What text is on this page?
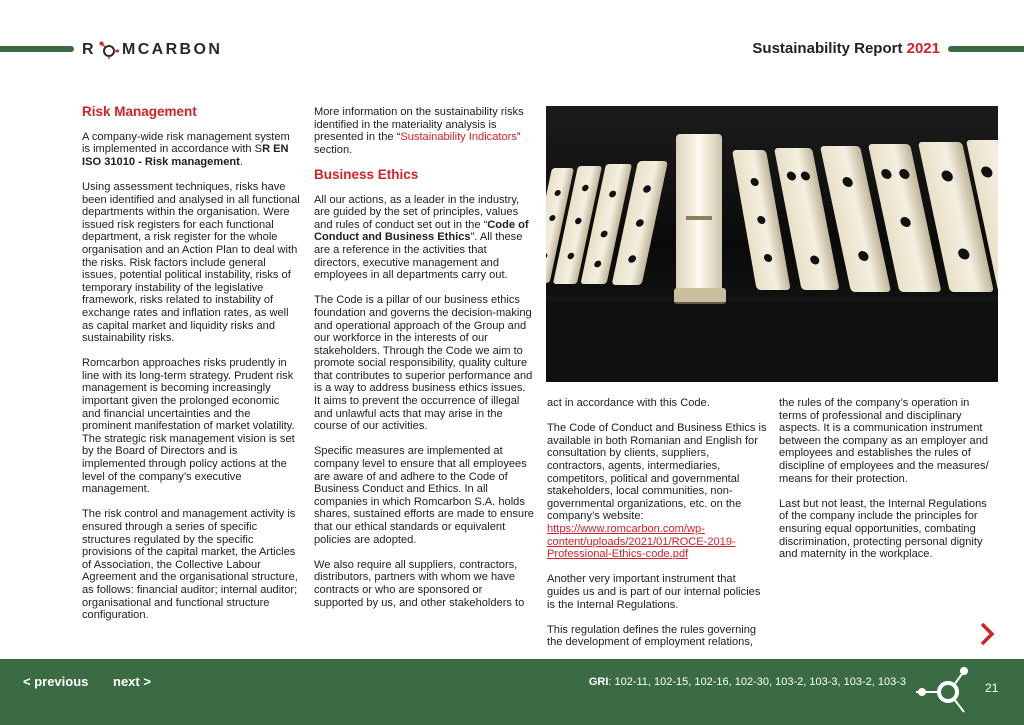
R MCARBON	Sustainability Report 2021
Risk Management

A company-wide risk management system is implemented in accordance with SR EN ISO 31010 - Risk management.

Using assessment techniques, risks have been identified and analysed in all functional departments within the organisation. Were issued risk registers for each functional department, a risk register for the whole organisation and an Action Plan to deal with the risks. Risk factors include general issues, potential political instability, risks of temporary instability of the legislative framework, risks related to instability of exchange rates and inflation rates, as well as capital market and liquidity risks and sustainability risks.

Romcarbon approaches risks prudently in line with its long-term strategy. Prudent risk management is becoming increasingly important given the prolonged economic and financial uncertainties and the prominent manifestation of market volatility. The strategic risk management vision is set by the Board of Directors and is implemented through policy actions at the level of the company’s executive management.

The risk control and management activity is ensured through a series of specific structures regulated by the specific provisions of the capital market, the Articles of Association, the Collective Labour Agreement and the organisational structure, as follows: financial auditor; internal auditor; organisational and functional structure configuration.

More information on the sustainability risks identified in the materiality analysis is presented in the “Sustainability Indicators” section.

Business Ethics

All our actions, as a leader in the industry, are guided by the set of principles, values and rules of conduct set out in the “Code of Conduct and Business Ethics”. All these are a reference in the activities that directors, executive management and employees in all departments carry out.

The Code is a pillar of our business ethics foundation and governs the decision-making and operational approach of the Group and our workforce in the interests of our stakeholders. Through the Code we aim to promote social responsibility, quality culture that contributes to superior performance and is a way to address business ethics issues. It aims to prevent the occurrence of illegal and unlawful acts that may arise in the course of our activities.

Specific measures are implemented at company level to ensure that all employees are aware of and adhere to the Code of Business Conduct and Ethics. In all companies in which Romcarbon S.A. holds shares, sustained efforts are made to ensure that our ethical standards or equivalent policies are adopted.

We also require all suppliers, contractors, distributors, partners with whom we have contracts or who are sponsored or supported by us, and other stakeholders to

act in accordance with this Code.

The Code of Conduct and Business Ethics is available in both Romanian and English for consultation by clients, suppliers, contractors, agents, intermediaries, competitors, political and governmental stakeholders, local communities, non-governmental organizations, etc. on the company’s website: https://www.romcarbon.com/wp-content/uploads/2021/01/ROCE-2019-Professional-Ethics-code.pdf

Another very important instrument that guides us and is part of our internal policies is the Internal Regulations.

This regulation defines the rules governing the development of employment relations,

the rules of the company’s operation in terms of professional and disciplinary aspects. It is a communication instrument between the company as an employer and employees and establishes the rules of discipline of employees and the measures/ means for their protection.

Last but not least, the Internal Regulations of the company include the principles for ensuring equal opportunities, combating discrimination, protecting personal dignity and maternity in the workplace.

< previous next >	GRI: 102-11, 102-15, 102-16, 102-30, 103-2, 103-3, 103-2, 103-3	21
